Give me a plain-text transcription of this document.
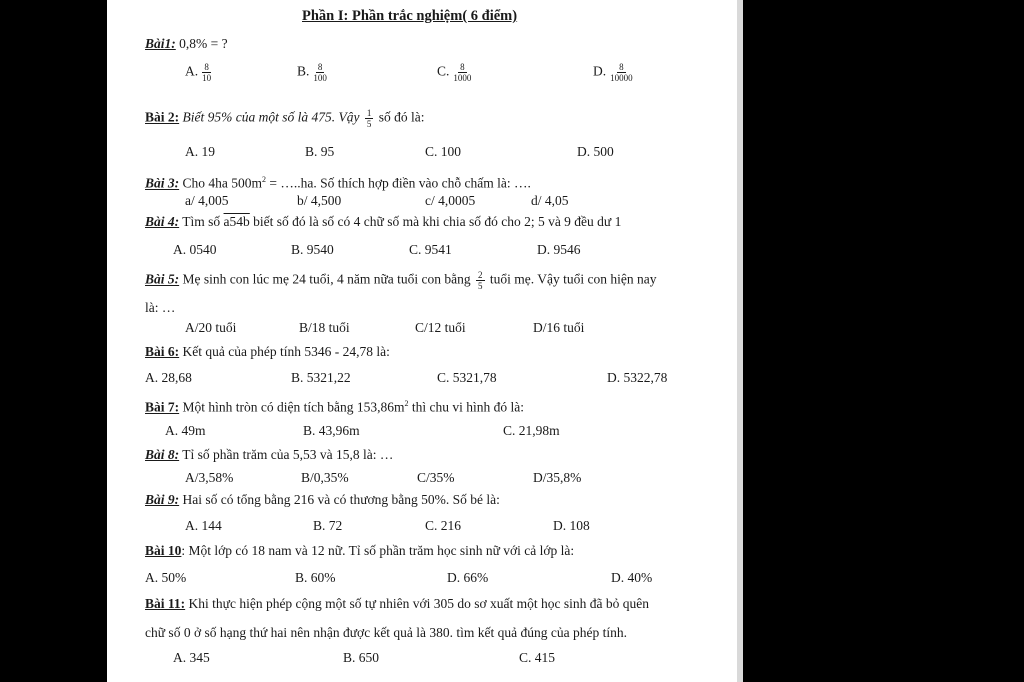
Phần I: Phần trắc nghiệm( 6 điểm)
Bài1: 0,8% = ?
A. $\frac{8}{10}$	B. $\frac{8}{100}$	C. $\frac{8}{1000}$	D. $\frac{8}{10000}$
Bài 2: Biết 95% của một số là 475. Vậy $\frac{1}{5}$ số đó là:
A. 19	B. 95	C. 100	D. 500
Bài 3: Cho 4ha $500m^2$ = …..ha. Số thích hợp điền vào chỗ chấm là: ….
a/ 4,005	b/ 4,500	c/ 4,0005	d/ 4,05
Bài 4: Tìm số a54b biết số đó là số có 4 chữ số mà khi chia số đó cho 2; 5 và 9 đều dư 1
A. 0540	B. 9540	C. 9541	D. 9546
Bài 5: Mẹ sinh con lúc mẹ 24 tuổi, 4 năm nữa tuổi con bằng $\frac{2}{5}$ tuổi mẹ. Vậy tuổi con hiện nay
là: …
A/20 tuổi	B/18 tuổi	C/12 tuổi	D/16 tuổi
Bài 6: Kết quả của phép tính 5346 - 24,78 là:
A. 28,68	B. 5321,22	C. 5321,78	D. 5322,78
Bài 7: Một hình tròn có diện tích bằng $153,86m^2$ thì chu vi hình đó là:
A. 49m	B. 43,96m	C. 21,98m
Bài 8: Tỉ số phần trăm của 5,53 và 15,8 là: …
A/3,58%	B/0,35%	C/35%	D/35,8%
Bài 9: Hai số có tổng bằng 216 và có thương bằng 50%. Số bé là:
A. 144	B. 72	C. 216	D. 108
Bài 10: Một lớp có 18 nam và 12 nữ. Tỉ số phần trăm học sinh nữ với cả lớp là:
A. 50%	B. 60%	D. 66%	D. 40%
Bài 11: Khi thực hiện phép cộng một số tự nhiên với 305 do sơ xuất một học sinh đã bỏ quên
chữ số 0 ở số hạng thứ hai nên nhận được kết quả là 380. tìm kết quả đúng của phép tính.
A. 345	B. 650	C. 415
